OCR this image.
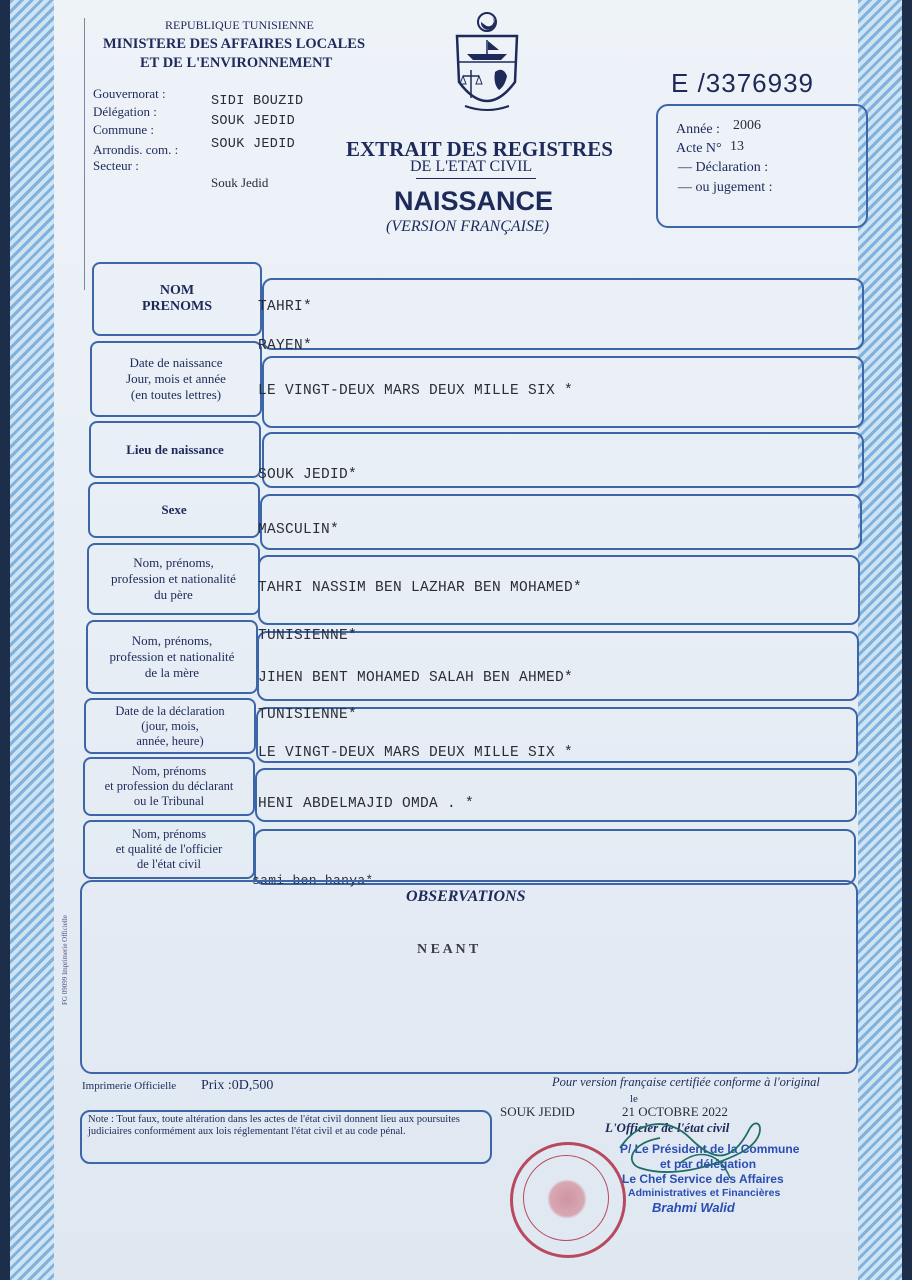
REPUBLIQUE TUNISIENNE
MINISTERE DES AFFAIRES LOCALES
ET DE L'ENVIRONNEMENT
Gouvernorat :
SIDI BOUZID
Délégation :
SOUK JEDID
Commune :
Arrondis. com. : SOUK JEDID
Secteur :
Souk Jedid
EXTRAIT DES REGISTRES
DE L'ETAT CIVIL
NAISSANCE
(VERSION FRANÇAISE)
E /3376939
Année : 2006
Acte N° 13
— Déclaration :
— ou jugement :
NOM
PRENOMS
Date de naissance
Jour, mois et année
(en toutes lettres)
Lieu de naissance
Sexe
Nom, prénoms,
profession et nationalité
du père
Nom, prénoms,
profession et nationalité
de la mère
Date de la déclaration
(jour, mois,
année, heure)
Nom, prénoms
et profession du déclarant
ou le Tribunal
Nom, prénoms
et qualité de l'officier
de l'état civil
TAHRI*
RAYEN*
LE VINGT-DEUX MARS DEUX MILLE SIX *
SOUK JEDID*
MASCULIN*
TAHRI NASSIM BEN LAZHAR BEN MOHAMED*
TUNISIENNE*
JIHEN BENT MOHAMED SALAH BEN AHMED*
TUNISIENNE*
LE VINGT-DEUX MARS DEUX MILLE SIX *
HENI ABDELMAJID OMDA . *
sami ben hanya*
OBSERVATIONS
N E A N T
FG 09099 Imprimerie Officielle
Imprimerie Officielle Prix :0D,500	Pour version française certifiée conforme à l'original
SOUK JEDID
le
21 OCTOBRE 2022
Note : Tout faux, toute altération dans les actes de l'état civil donnent lieu aux poursuites judiciaires conformément aux lois réglementant l'état civil et au code pénal.	L'Officier de l'état civil
P/ Le Président de la Commune
et par délégation
Le Chef Service des Affaires
Administratives et Financières
Brahmi Walid
